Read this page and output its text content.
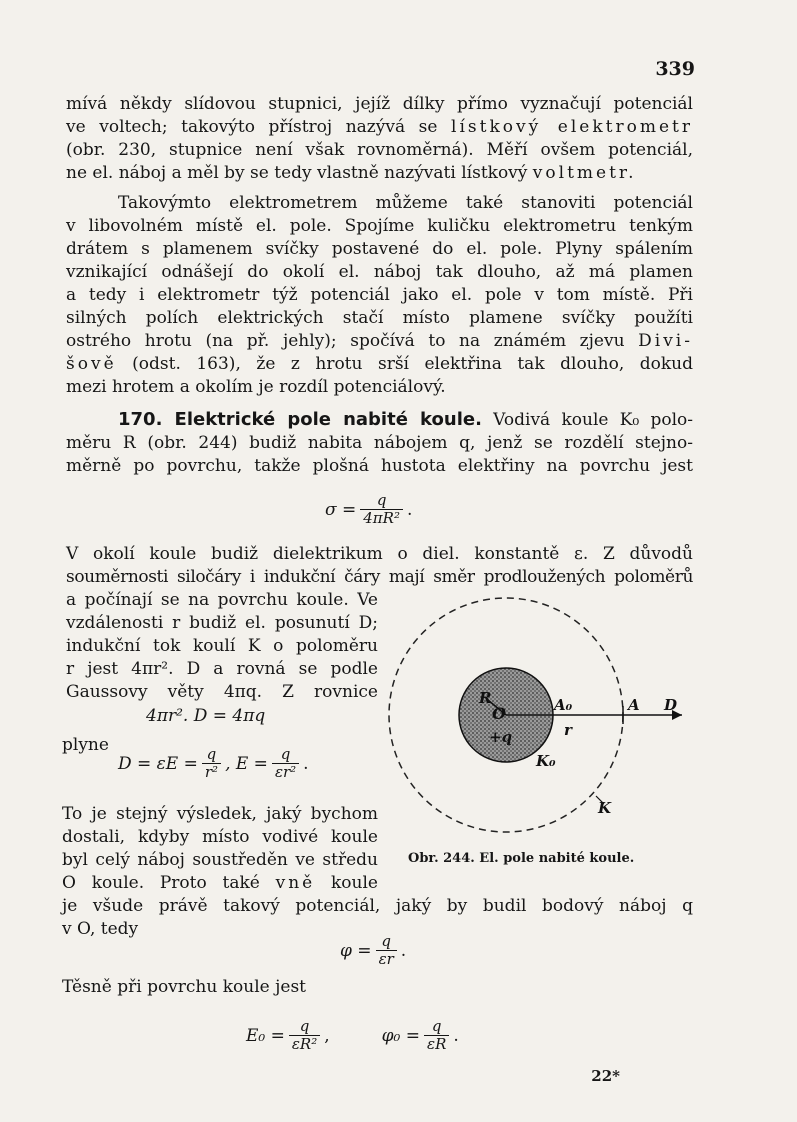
339
mívá někdy slídovou stupnici, jejíž dílky přímo vyznačují potenciál
ve voltech; takovýto přístroj nazývá se lístkový elektrometr
(obr. 230, stupnice není však rovnoměrná). Měří ovšem potenciál,
ne el. náboj a měl by se tedy vlastně nazývati lístkový voltmetr.
Takovýmto elektrometrem můžeme také stanoviti potenciál
v libovolném místě el. pole. Spojíme kuličku elektrometru tenkým
drátem s plamenem svíčky postavené do el. pole. Plyny spálením
vznikající odnášejí do okolí el. náboj tak dlouho, až má plamen
a tedy i elektrometr týž potenciál jako el. pole v tom místě. Při
silných polích elektrických stačí místo plamene svíčky použíti
ostrého hrotu (na př. jehly); spočívá to na známém zjevu Divi-
šově (odst. 163), že z hrotu srší elektřina tak dlouho, dokud
mezi hrotem a okolím je rozdíl potenciálový.
170. Elektrické pole nabité koule. Vodivá koule K₀ polo-
měru R (obr. 244) budiž nabita nábojem q, jenž se rozdělí stejno-
měrně po povrchu, takže plošná hustota elektřiny na povrchu jest
$\sigma = \frac{q}{\text{4πR²}}$ .
V okolí koule budiž dielektrikum o diel. konstantě ε. Z důvodů
souměrnosti siločáry i indukční čáry mají směr prodloužených poloměrů
a počínají se na povrchu koule. Ve
vzdálenosti r budiž el. posunutí D;
indukční tok koulí K o poloměru
r jest 4πr². D a rovná se podle
Gaussovy věty 4πq. Z rovnice
4πr². D = 4πq
plyne
$D = \varepsilon E = \frac{q}{\text{r²}}$ , $E = \frac{q}{\text{εr²}}$ .
To je stejný výsledek, jaký bychom
dostali, kdyby místo vodivé koule
byl celý náboj soustředěn ve středu
O koule. Proto také vně koule
je všude právě takový potenciál, jaký by budil bodový náboj q
v O, tedy
$\varphi = \frac{q}{\varepsilon r}$ .
Těsně při povrchu koule jest
$E_0 = \frac{q}{\text{εR²}}$ ,	$\varphi_0 = \frac{q}{\varepsilon R}$ .
O
R	A₀
r
A D
+q
K₀
K
Obr. 244. El. pole nabité koule.
22*
